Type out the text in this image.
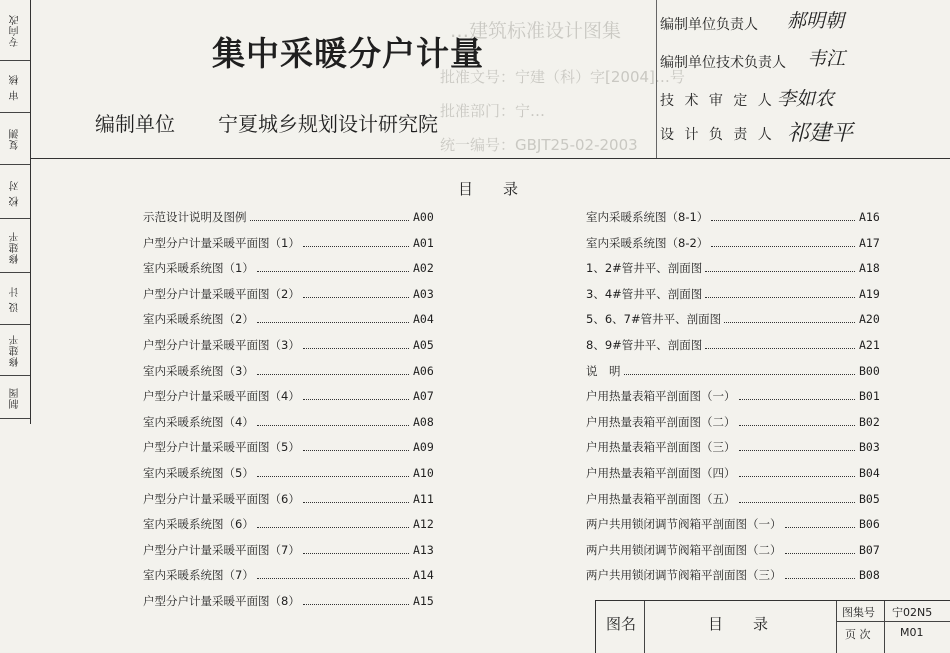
制图
修建平
设 计
修建平
校 对
复测
审 核
专向改	…建筑标准设计图集
批准文号：宁建（科）字[2004]…号
批准部门：宁…
统一编号：GBJT25-02-2003
集中采暖分户计量
编制单位 宁夏城乡规划设计研究院
编制单位负责人 郝明朝
编制单位技术负责人 韦江
技 术 审 定 人 李如农
设 计 负 责 人 祁建平
目　　录
示范设计说明及图例	A00
户型分户计量采暖平面图（1）	A01
室内采暖系统图（1）	A02
户型分户计量采暖平面图（2）	A03
室内采暖系统图（2）	A04
户型分户计量采暖平面图（3）	A05
室内采暖系统图（3）	A06
户型分户计量采暖平面图（4）	A07
室内采暖系统图（4）	A08
户型分户计量采暖平面图（5）	A09
室内采暖系统图（5）	A10
户型分户计量采暖平面图（6）	A11
室内采暖系统图（6）	A12
户型分户计量采暖平面图（7）	A13
室内采暖系统图（7）	A14
户型分户计量采暖平面图（8）	A15
室内采暖系统图（8-1）	A16
室内采暖系统图（8-2）	A17
1、2#管井平、剖面图	A18
3、4#管井平、剖面图	A19
5、6、7#管井平、剖面图	A20
8、9#管井平、剖面图	A21
说　明	B00
户用热量表箱平剖面图（一）	B01
户用热量表箱平剖面图（二）	B02
户用热量表箱平剖面图（三）	B03
户用热量表箱平剖面图（四）	B04
户用热量表箱平剖面图（五）	B05
两户共用锁闭调节阀箱平剖面图（一）	B06
两户共用锁闭调节阀箱平剖面图（二）	B07
两户共用锁闭调节阀箱平剖面图（三）	B08
图名	目　　录
图集号 宁02N5
页 次	M01
